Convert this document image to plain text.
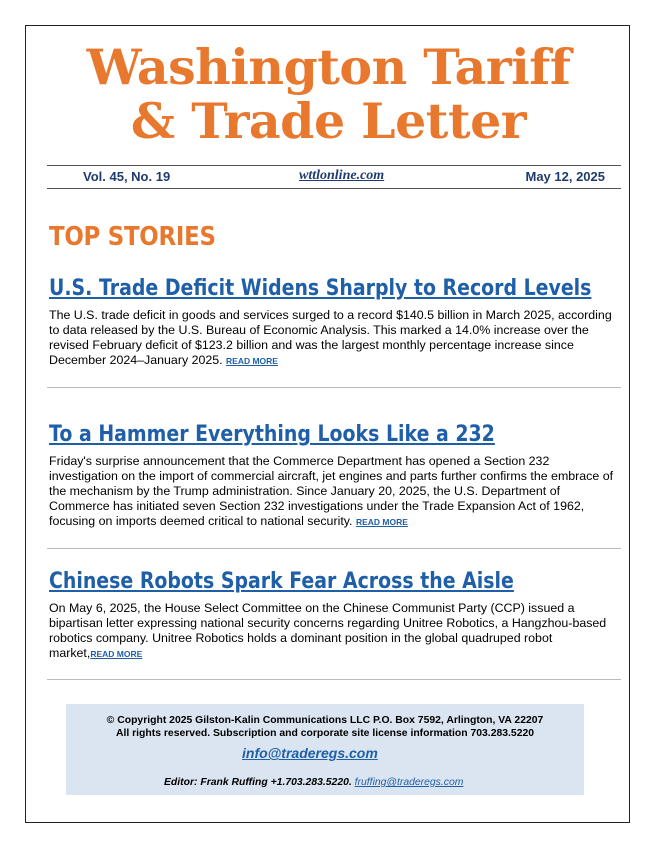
Washington Tariff
& Trade Letter
Vol. 45, No. 19	wttlonline.com	May 12, 2025
TOP STORIES
U.S. Trade Deficit Widens Sharply to Record Levels

The U.S. trade deficit in goods and services surged to a record $140.5 billion in March 2025, according to data released by the U.S. Bureau of Economic Analysis. This marked a 14.0% increase over the revised February deficit of $123.2 billion and was the largest monthly percentage increase since December 2024–January 2025. READ MORE

To a Hammer Everything Looks Like a 232

Friday's surprise announcement that the Commerce Department has opened a Section 232 investigation on the import of commercial aircraft, jet engines and parts further confirms the embrace of the mechanism by the Trump administration. Since January 20, 2025, the U.S. Department of Commerce has initiated seven Section 232 investigations under the Trade Expansion Act of 1962, focusing on imports deemed critical to national security. READ MORE

Chinese Robots Spark Fear Across the Aisle

On May 6, 2025, the House Select Committee on the Chinese Communist Party (CCP) issued a bipartisan letter expressing national security concerns regarding Unitree Robotics, a Hangzhou-based robotics company. Unitree Robotics holds a dominant position in the global quadruped robot market,READ MORE

© Copyright 2025 Gilston-Kalin Communications LLC P.O. Box 7592, Arlington, VA 22207
All rights reserved. Subscription and corporate site license information 703.283.5220
info@traderegs.com
Editor: Frank Ruffing +1.703.283.5220. fruffing@traderegs.com
